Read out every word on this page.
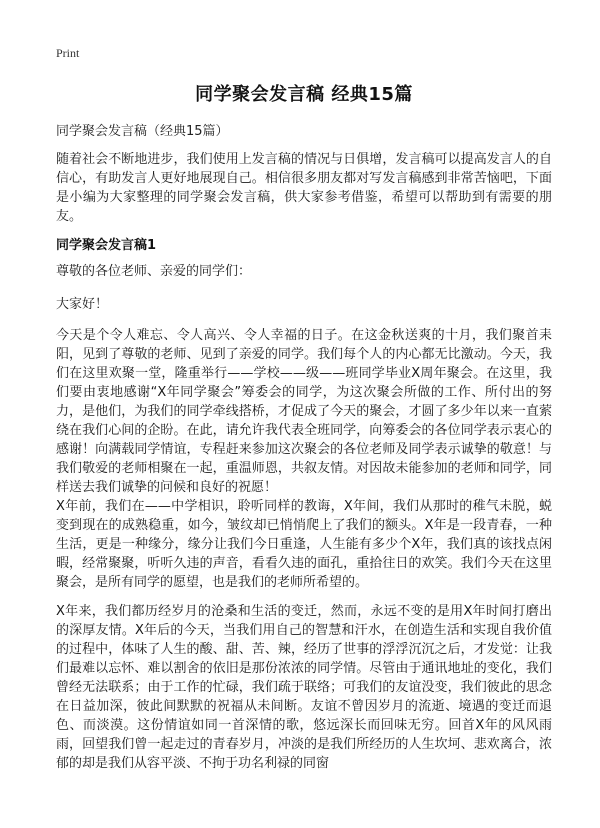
Print
同学聚会发言稿 经典15篇
同学聚会发言稿（经典15篇）
随着社会不断地进步，我们使用上发言稿的情况与日俱增，发言稿可以提高发言人的自信心，有助发言人更好地展现自己。相信很多朋友都对写发言稿感到非常苦恼吧，下面是小编为大家整理的同学聚会发言稿，供大家参考借鉴，希望可以帮助到有需要的朋友。
同学聚会发言稿1
尊敬的各位老师、亲爱的同学们：
大家好！
今天是个令人难忘、令人高兴、令人幸福的日子。在这金秋送爽的十月，我们聚首耒阳，见到了尊敬的老师、见到了亲爱的同学。我们每个人的内心都无比激动。今天，我们在这里欢聚一堂，隆重举行——学校——级——班同学毕业X周年聚会。在这里，我们要由衷地感谢“X年同学聚会”筹委会的同学，为这次聚会所做的工作、所付出的努力，是他们，为我们的同学牵线搭桥，才促成了今天的聚会，才圆了多少年以来一直萦绕在我们心间的企盼。在此，请允许我代表全班同学，向筹委会的各位同学表示衷心的感谢！向满载同学情谊，专程赶来参加这次聚会的各位老师及同学表示诚挚的敬意！与我们敬爱的老师相聚在一起，重温师恩，共叙友情。对因故未能参加的老师和同学，同样送去我们诚挚的问候和良好的祝愿！
X年前，我们在——中学相识，聆听同样的教诲，X年间，我们从那时的稚气未脱，蜕变到现在的成熟稳重，如今，皱纹却已悄悄爬上了我们的额头。X年是一段青春，一种生活，更是一种缘分，缘分让我们今日重逢，人生能有多少个X年，我们真的该找点闲暇，经常聚聚，听听久违的声音，看看久违的面孔，重拾往日的欢笑。我们今天在这里聚会，是所有同学的愿望，也是我们的老师所希望的。
X年来，我们都历经岁月的沧桑和生活的变迁，然而，永远不变的是用X年时间打磨出的深厚友情。X年后的今天，当我们用自己的智慧和汗水，在创造生活和实现自我价值的过程中，体味了人生的酸、甜、苦、辣，经历了世事的浮浮沉沉之后，才发觉：让我们最难以忘怀、难以割舍的依旧是那份浓浓的同学情。尽管由于通讯地址的变化，我们曾经无法联系；由于工作的忙碌，我们疏于联络；可我们的友谊没变，我们彼此的思念在日益加深，彼此间默默的祝福从未间断。友谊不曾因岁月的流逝、境遇的变迁而退色、而淡漠。这份情谊如同一首深情的歌，悠远深长而回味无穷。回首X年的风风雨雨，回望我们曾一起走过的青春岁月，冲淡的是我们所经历的人生坎坷、悲欢离合，浓郁的却是我们从容平淡、不拘于功名利禄的同窗
